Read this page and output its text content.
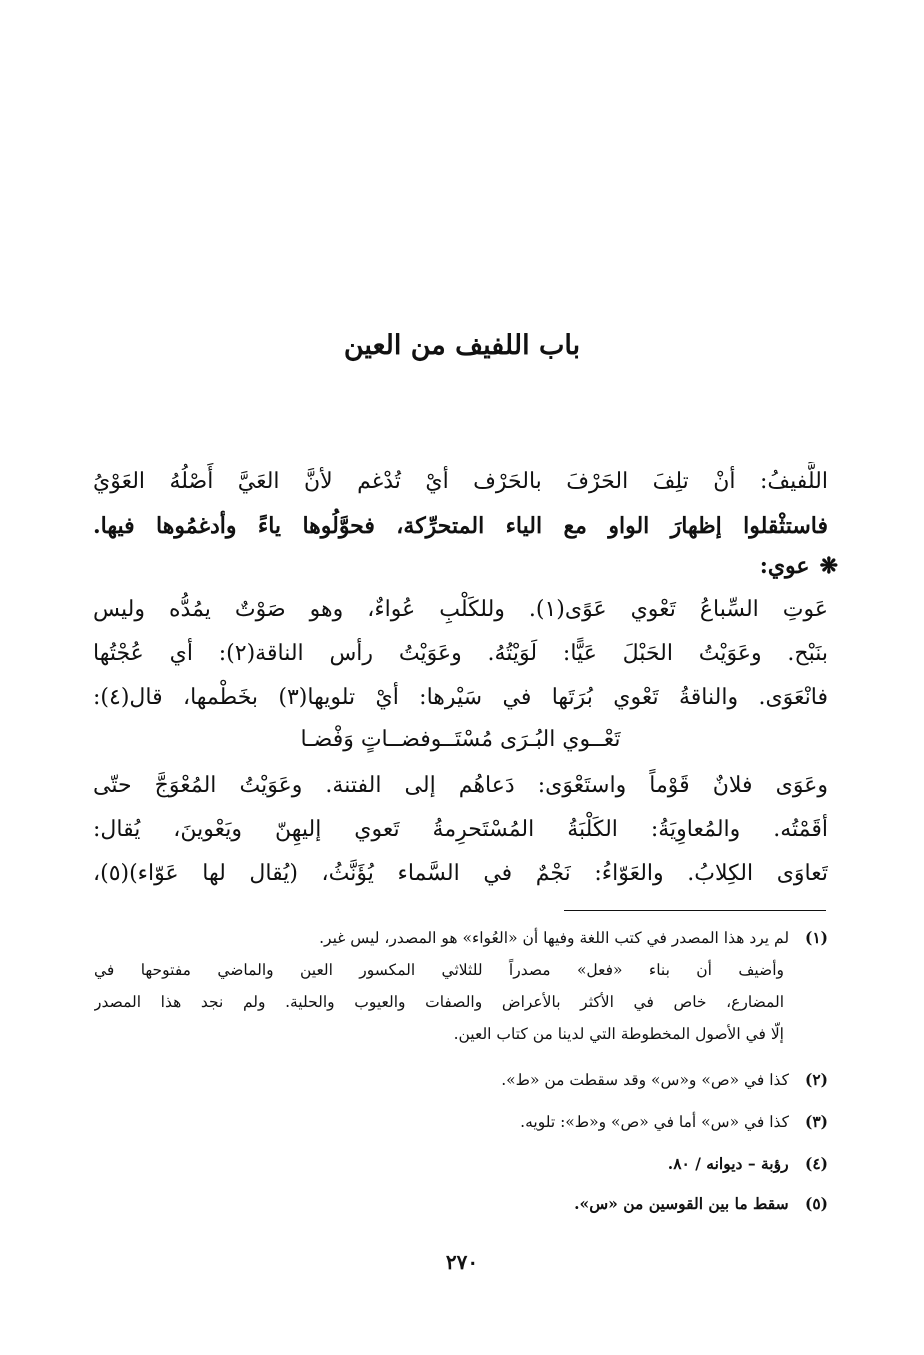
باب اللفيف من العين
اللَّفيفُ: أنْ تلِفَ الحَرْفَ بالحَرْف أيْ تُدْغم لأنَّ العَيَّ أَصْلُهُ العَوْيُ
فاستثْقلوا إظهارَ الواو مع الياء المتحرِّكة، فحوَّلُوها ياءً وأدغمُوها فيها.
❋عوي:
عَوتِ السِّباعُ تَعْوي عَوًى(١). وللكَلْبِ عُواءٌ، وهو صَوْتٌ يمُدُّه وليس
بنَبْح. وعَوَيْتُ الحَبْلَ عَيًّا: لَوَيْتُهُ. وعَوَيْتُ رأس الناقة(٢): أي عُجْتُها
فانْعَوَى. والناقةُ تَعْوي بُرَتَها في سَيْرها: أيْ تلويها(٣) بخَطْمها، قال(٤):
تَعْــوي البُـرَى مُسْتَــوفضــاتٍ وَفْضـا
وعَوَى فلانٌ قَوْماً واستَعْوَى: دَعاهُم إلى الفتنة. وعَوَيْتُ المُعْوَجَّ حتّى
أقَمْتُه. والمُعاوِيَةُ: الكَلْبَةُ المُسْتَحرِمةُ تَعوي إليهِنّ ويَعْوينَ، يُقال:
تَعاوَى الكِلابُ. والعَوّاءُ: نَجْمٌ في السَّماء يُؤَنَّثُ، (يُقال لها عَوّاء)(٥)،
(١) لم يرد هذا المصدر في كتب اللغة وفيها أن «العُواء» هو المصدر، ليس غير.
وأضيف أن بناء «فعل» مصدراً للثلاثي المكسور العين والماضي مفتوحها في
المضارع، خاص في الأكثر بالأعراض والصفات والعيوب والحلية. ولم نجد هذا المصدر
إلّا في الأصول المخطوطة التي لدينا من كتاب العين.
(٢) كذا في «ص» و«س» وقد سقطت من «ط».
(٣) كذا في «س» أما في «ص» و«ط»: تلويه.
(٤) رؤبة – ديوانه / ٨٠.
(٥) سقط ما بين القوسين من «س».
٢٧٠
